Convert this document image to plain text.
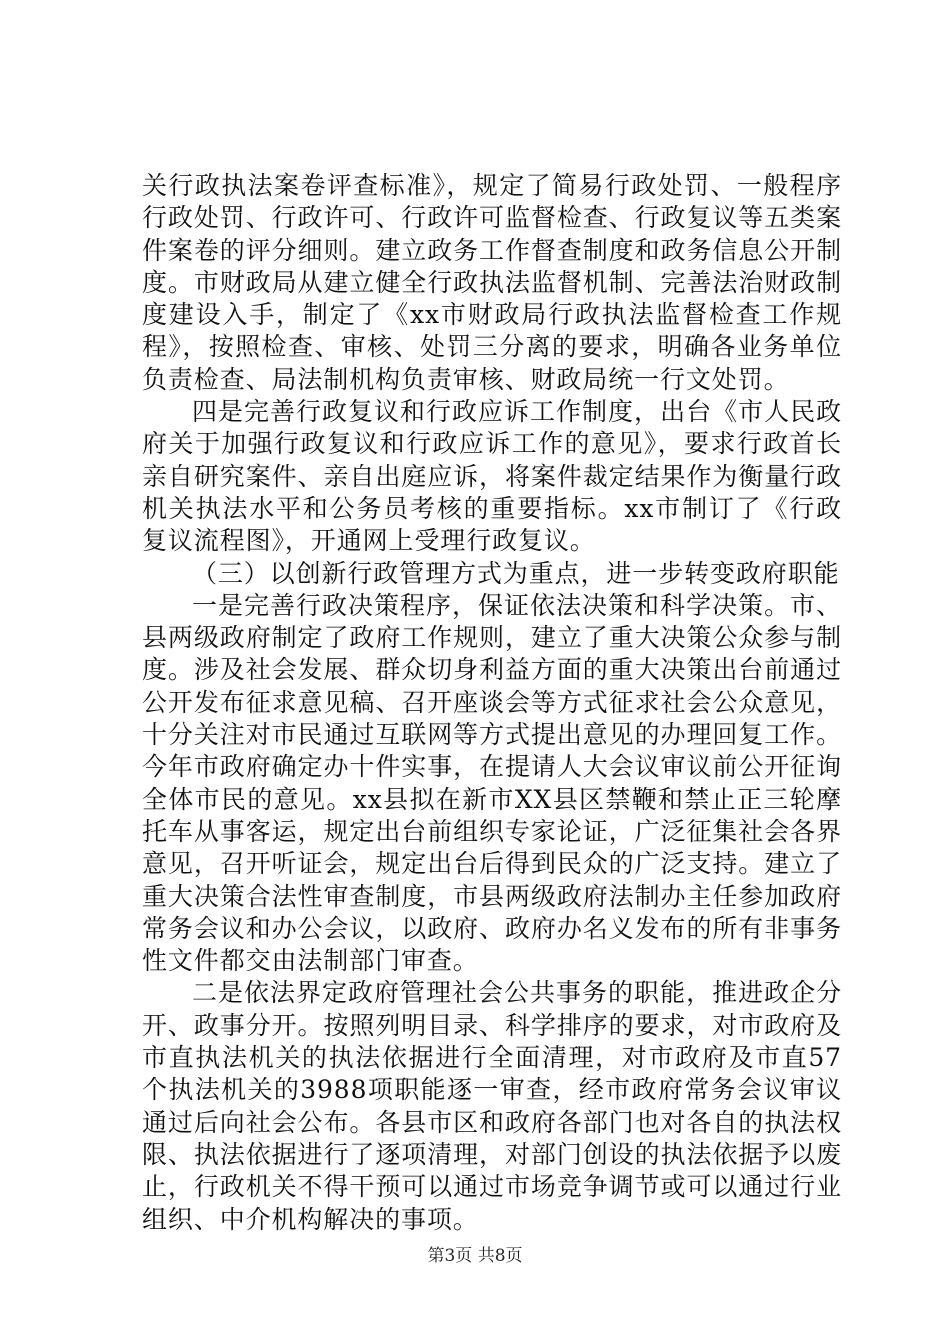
关行政执法案卷评查标准》，规定了简易行政处罚、一般程序行政处罚、行政许可、行政许可监督检查、行政复议等五类案件案卷的评分细则。建立政务工作督查制度和政务信息公开制度。市财政局从建立健全行政执法监督机制、完善法治财政制度建设入手，制定了《xx市财政局行政执法监督检查工作规程》，按照检查、审核、处罚三分离的要求，明确各业务单位负责检查、局法制机构负责审核、财政局统一行文处罚。

四是完善行政复议和行政应诉工作制度，出台《市人民政府关于加强行政复议和行政应诉工作的意见》，要求行政首长亲自研究案件、亲自出庭应诉，将案件裁定结果作为衡量行政机关执法水平和公务员考核的重要指标。xx市制订了《行政复议流程图》，开通网上受理行政复议。

（三）以创新行政管理方式为重点，进一步转变政府职能

一是完善行政决策程序，保证依法决策和科学决策。市、县两级政府制定了政府工作规则，建立了重大决策公众参与制度。涉及社会发展、群众切身利益方面的重大决策出台前通过公开发布征求意见稿、召开座谈会等方式征求社会公众意见，十分关注对市民通过互联网等方式提出意见的办理回复工作。今年市政府确定办十件实事，在提请人大会议审议前公开征询全体市民的意见。xx县拟在新市XX县区禁鞭和禁止正三轮摩托车从事客运，规定出台前组织专家论证，广泛征集社会各界意见，召开听证会，规定出台后得到民众的广泛支持。建立了重大决策合法性审查制度，市县两级政府法制办主任参加政府常务会议和办公会议，以政府、政府办名义发布的所有非事务性文件都交由法制部门审查。

二是依法界定政府管理社会公共事务的职能，推进政企分开、政事分开。按照列明目录、科学排序的要求，对市政府及市直执法机关的执法依据进行全面清理，对市政府及市直57个执法机关的3988项职能逐一审查，经市政府常务会议审议通过后向社会公布。各县市区和政府各部门也对各自的执法权限、执法依据进行了逐项清理，对部门创设的执法依据予以废止，行政机关不得干预可以通过市场竞争调节或可以通过行业组织、中介机构解决的事项。

第3页 共8页
